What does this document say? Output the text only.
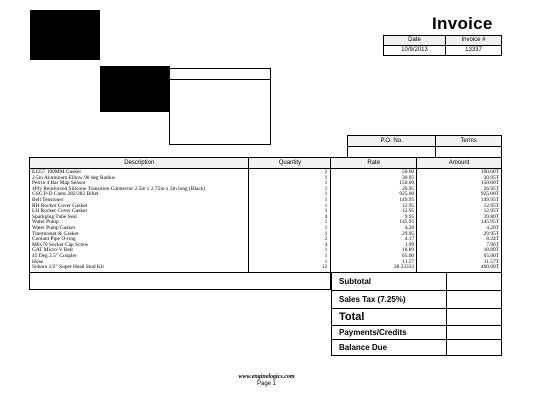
Invoice
Date	Invoice #
10/9/2013	13337
P.O. No.	Terms

Description	Quantity	Rate	Amount
EJ257 100MM Gasket	2	50.00	100.00T
2.5in Aluminum Elbow 90 deg Radius	1	30.95	30.95T
Perrin 4 Bar Map Sensor	1	150.00	150.00T
4Ply Reinforced Silicone Transition Connector 2.5in x 2.75in x 3in long (Black)	1	26.95	26.95T
GSC P-D Cams 282/282 Billet	1	925.00	925.00T
Belt Tensioner	1	149.95	149.95T
RH Rocker Cover Gasket	1	12.95	12.95T
LH Rocker Cover Gasket	1	12.95	12.95T
Sparkplug Tube Seal	4	9.95	39.80T
Water Pump	1	145.95	145.95T
Water Pump Gasket	1	4.20	4.20T
Thermostat & Gasket	1	29.95	29.95T
Coolant Pipe O-ring	2	4.17	8.34T
M6x70 Socket Cap Screw	4	1.99	7.96T
GAT Micro-V Belt	1	18.89	18.89T
45 Deg 2.5" Coupler	1	65.00	65.00T
Hose	1	11.57	11.57T
Subaru 1/2" Super Head Stud Kit	12	38.33333	460.00T
Subtotal	
Sales Tax (7.25%)	
Total	
Payments/Credits	
Balance Due	
www.enginelogics.com
Page 1
